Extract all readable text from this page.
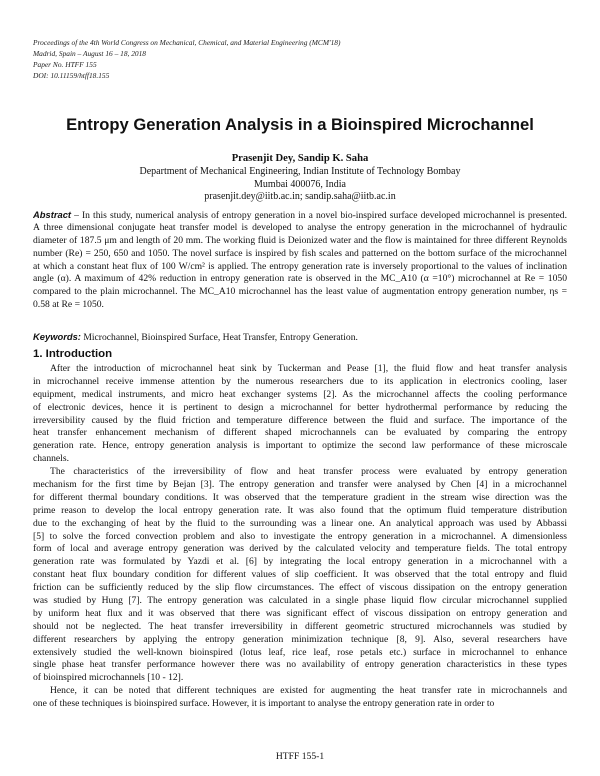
Proceedings of the 4th World Congress on Mechanical, Chemical, and Material Engineering (MCM'18)
Madrid, Spain – August 16 – 18, 2018
Paper No. HTFF 155
DOI: 10.11159/htff18.155
Entropy Generation Analysis in a Bioinspired Microchannel
Prasenjit Dey, Sandip K. Saha
Department of Mechanical Engineering, Indian Institute of Technology Bombay
Mumbai 400076, India
prasenjit.dey@iitb.ac.in; sandip.saha@iitb.ac.in
Abstract – In this study, numerical analysis of entropy generation in a novel bio-inspired surface developed microchannel is presented.
A three dimensional conjugate heat transfer model is developed to analyse the entropy generation in the microchannel of hydraulic
diameter of 187.5 μm and length of 20 mm. The working fluid is Deionized water and the flow is maintained for three different Reynolds
number (Re) = 250, 650 and 1050. The novel surface is inspired by fish scales and patterned on the bottom surface of the microchannel
at which a constant heat flux of 100 W/cm² is applied. The entropy generation rate is inversely proportional to the values of inclination
angle (α). A maximum of 42% reduction in entropy generation rate is observed in the MC_A10 (α =10°) microchannel at Re = 1050
compared to the plain microchannel. The MC_A10 microchannel has the least value of augmentation entropy generation number, ηs =
0.58 at Re = 1050.
Keywords: Microchannel, Bioinspired Surface, Heat Transfer, Entropy Generation.
1. Introduction
After the introduction of microchannel heat sink by Tuckerman and Pease [1], the fluid flow and heat transfer analysis
in microchannel receive immense attention by the numerous researchers due to its application in electronics cooling, laser
equipment, medical instruments, and micro heat exchanger systems [2]. As the microchannel affects the cooling performance
of electronic devices, hence it is pertinent to design a microchannel for better hydrothermal performance by reducing the
irreversibility caused by the fluid friction and temperature difference between the fluid and surface. The importance of the
heat transfer enhancement mechanism of different shaped microchannels can be evaluated by comparing the entropy
generation rate. Hence, entropy generation analysis is important to optimize the second law performance of these microscale
channels.
The characteristics of the irreversibility of flow and heat transfer process were evaluated by entropy generation
mechanism for the first time by Bejan [3]. The entropy generation and transfer were analysed by Chen [4] in a microchannel
for different thermal boundary conditions. It was observed that the temperature gradient in the stream wise direction was the
prime reason to develop the local entropy generation rate. It was also found that the optimum fluid temperature distribution
due to the exchanging of heat by the fluid to the surrounding was a linear one. An analytical approach was used by Abbassi
[5] to solve the forced convection problem and also to investigate the entropy generation in a microchannel. A dimensionless
form of local and average entropy generation was derived by the calculated velocity and temperature fields. The total entropy
generation rate was formulated by Yazdi et al. [6] by integrating the local entropy generation in a microchannel with a
constant heat flux boundary condition for different values of slip coefficient. It was observed that the total entropy and fluid
friction can be sufficiently reduced by the slip flow circumstances. The effect of viscous dissipation on the entropy generation
was studied by Hung [7]. The entropy generation was calculated in a single phase liquid flow circular microchannel supplied
by uniform heat flux and it was observed that there was significant effect of viscous dissipation on entropy generation and
should not be neglected. The heat transfer irreversibility in different geometric structured microchannels was studied by
different researchers by applying the entropy generation minimization technique [8, 9]. Also, several researchers have
extensively studied the well-known bioinspired (lotus leaf, rice leaf, rose petals etc.) surface in microchannel to enhance
single phase heat transfer performance however there was no availability of entropy generation characteristics in these types
of bioinspired microchannels [10 - 12].
Hence, it can be noted that different techniques are existed for augmenting the heat transfer rate in microchannels and
one of these techniques is bioinspired surface. However, it is important to analyse the entropy generation rate in order to
HTFF 155-1
